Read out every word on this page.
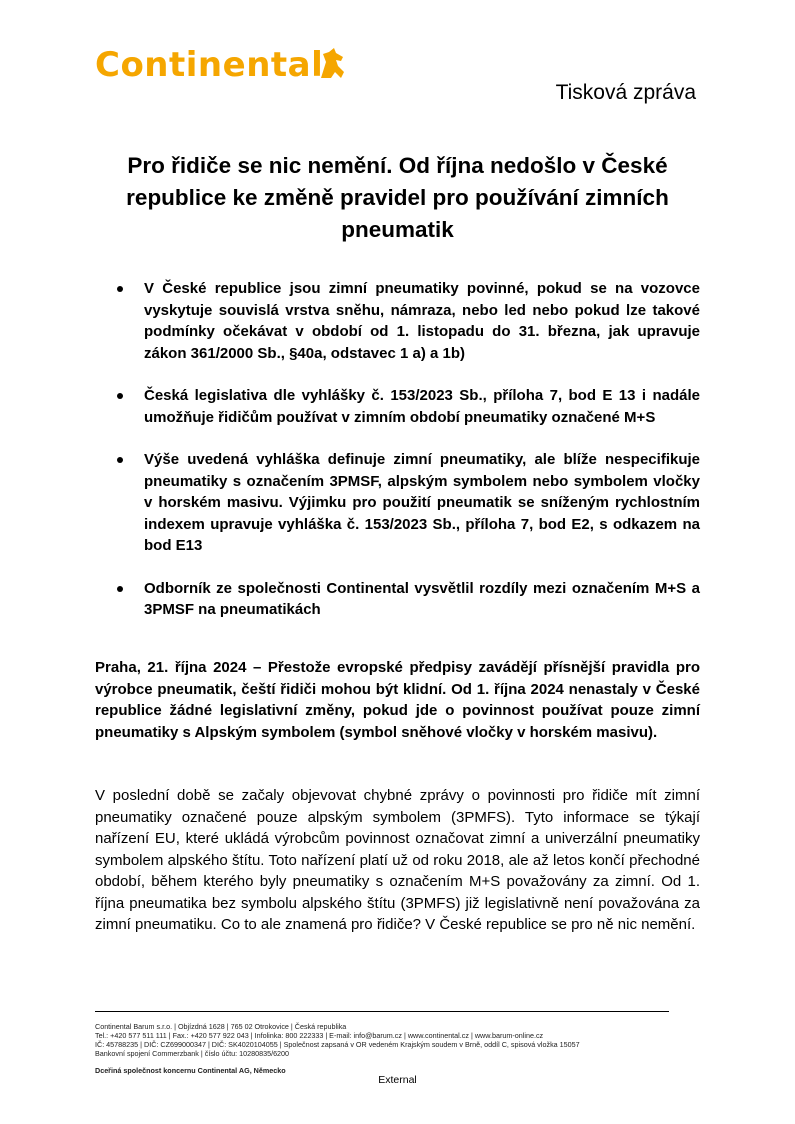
Continental
Tisková zpráva
Pro řidiče se nic nemění. Od října nedošlo v České republice ke změně pravidel pro používání zimních pneumatik
V České republice jsou zimní pneumatiky povinné, pokud se na vozovce vyskytuje souvislá vrstva sněhu, námraza, nebo led nebo pokud lze takové podmínky očekávat v období od 1. listopadu do 31. března, jak upravuje zákon 361/2000 Sb., §40a, odstavec 1 a) a 1b)
Česká legislativa dle vyhlášky č. 153/2023 Sb., příloha 7, bod E 13 i nadále umožňuje řidičům používat v zimním období pneumatiky označené M+S
Výše uvedená vyhláška definuje zimní pneumatiky, ale blíže nespecifikuje pneumatiky s označením 3PMSF, alpským symbolem nebo symbolem vločky v horském masivu. Výjimku pro použití pneumatik se sníženým rychlostním indexem upravuje vyhláška č. 153/2023 Sb., příloha 7, bod E2, s odkazem na bod E13
Odborník ze společnosti Continental vysvětlil rozdíly mezi označením M+S a 3PMSF na pneumatikách

Praha, 21. října 2024 – Přestože evropské předpisy zavádějí přísnější pravidla pro výrobce pneumatik, čeští řidiči mohou být klidní. Od 1. října 2024 nenastaly v České republice žádné legislativní změny, pokud jde o povinnost používat pouze zimní pneumatiky s Alpským symbolem (symbol sněhové vločky v horském masivu).

V poslední době se začaly objevovat chybné zprávy o povinnosti pro řidiče mít zimní pneumatiky označené pouze alpským symbolem (3PMFS). Tyto informace se týkají nařízení EU, které ukládá výrobcům povinnost označovat zimní a univerzální pneumatiky symbolem alpského štítu. Toto nařízení platí už od roku 2018, ale až letos končí přechodné období, během kterého byly pneumatiky s označením M+S považovány za zimní. Od 1. října pneumatika bez symbolu alpského štítu (3PMFS) již legislativně není považována za zimní pneumatiku. Co to ale znamená pro řidiče? V České republice se pro ně nic nemění.

Continental Barum s.r.o. | Objízdná 1628 | 765 02 Otrokovice | Česká republika
Tel.: +420 577 511 111 | Fax.: +420 577 922 043 | Infolinka: 800 222333 | E-mail: info@barum.cz | www.continental.cz | www.barum-online.cz
IČ: 45788235 | DIČ: CZ699000347 | DIČ: SK4020104055 | Společnost zapsaná v OR vedeném Krajským soudem v Brně, oddíl C, spisová vložka 15057
Bankovní spojení Commerzbank | číslo účtu: 10280835/6200
Dceřiná společnost koncernu Continental AG, Německo
External
